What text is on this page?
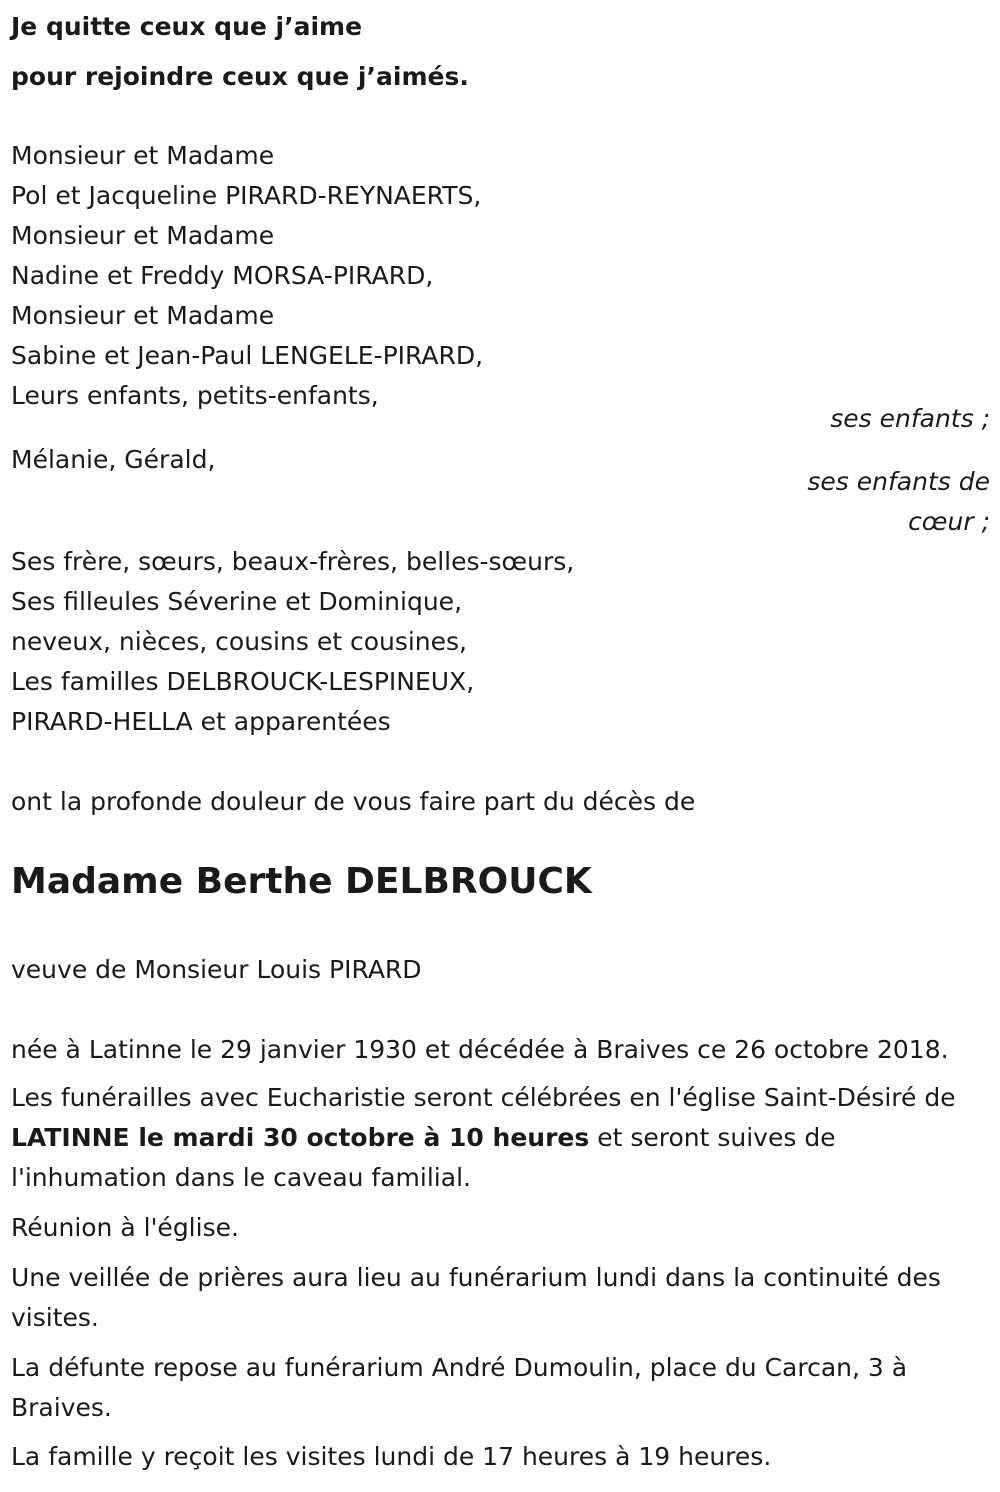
Je quitte ceux que j’aime
pour rejoindre ceux que j’aimés.
Monsieur et Madame
Pol et Jacqueline PIRARD-REYNAERTS,
Monsieur et Madame
Nadine et Freddy MORSA-PIRARD,
Monsieur et Madame
Sabine et Jean-Paul LENGELE-PIRARD,
Leurs enfants, petits-enfants,
ses enfants ;
Mélanie, Gérald,
ses enfants de
cœur ;
Ses frère, sœurs, beaux-frères, belles-sœurs,
Ses filleules Séverine et Dominique,
neveux, nièces, cousins et cousines,
Les familles DELBROUCK-LESPINEUX,
PIRARD-HELLA et apparentées
ont la profonde douleur de vous faire part du décès de
Madame Berthe DELBROUCK
veuve de Monsieur Louis PIRARD
née à Latinne le 29 janvier 1930 et décédée à Braives ce 26 octobre 2018.
Les funérailles avec Eucharistie seront célébrées en l'église Saint-Désiré de LATINNE le mardi 30 octobre à 10 heures et seront suives de l'inhumation dans le caveau familial.
Réunion à l'église.
Une veillée de prières aura lieu au funérarium lundi dans la continuité des visites.
La défunte repose au funérarium André Dumoulin, place du Carcan, 3 à Braives.
La famille y reçoit les visites lundi de 17 heures à 19 heures.
